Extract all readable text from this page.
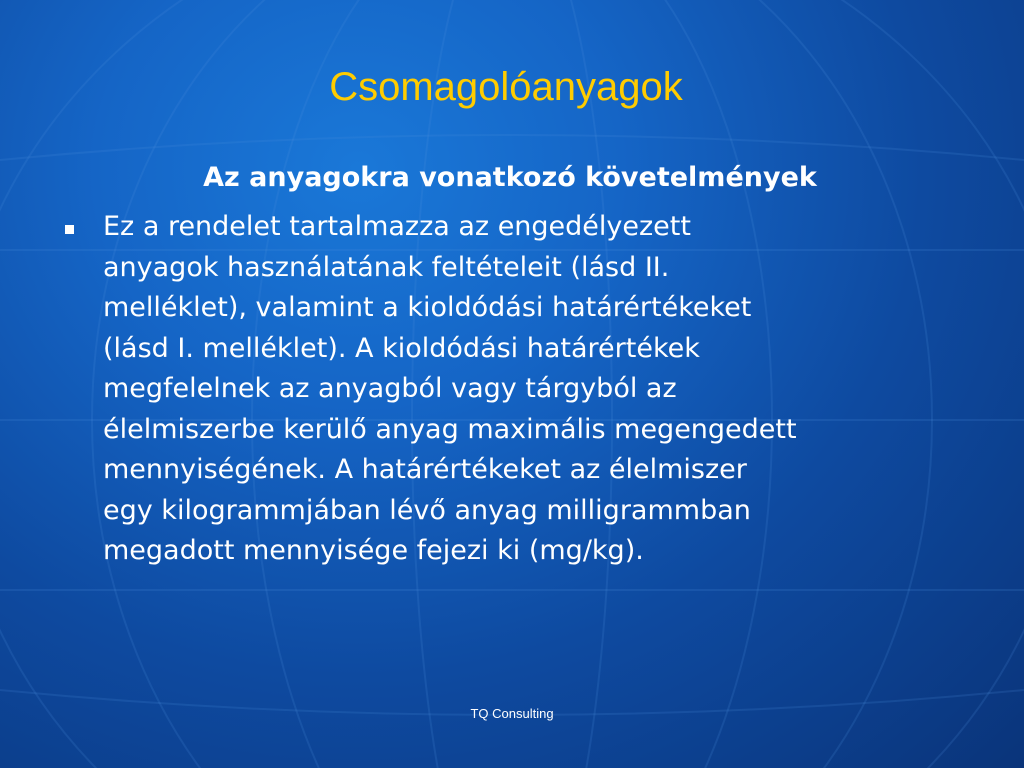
Csomagolóanyagok
Az anyagokra vonatkozó követelmények
Ez a rendelet tartalmazza az engedélyezett
anyagok használatának feltételeit (lásd II.
melléklet), valamint a kioldódási határértékeket
(lásd I. melléklet). A kioldódási határértékek
megfelelnek az anyagból vagy tárgyból az
élelmiszerbe kerülő anyag maximális megengedett
mennyiségének. A határértékeket az élelmiszer
egy kilogrammjában lévő anyag milligrammban
megadott mennyisége fejezi ki (mg/kg).
TQ Consulting
